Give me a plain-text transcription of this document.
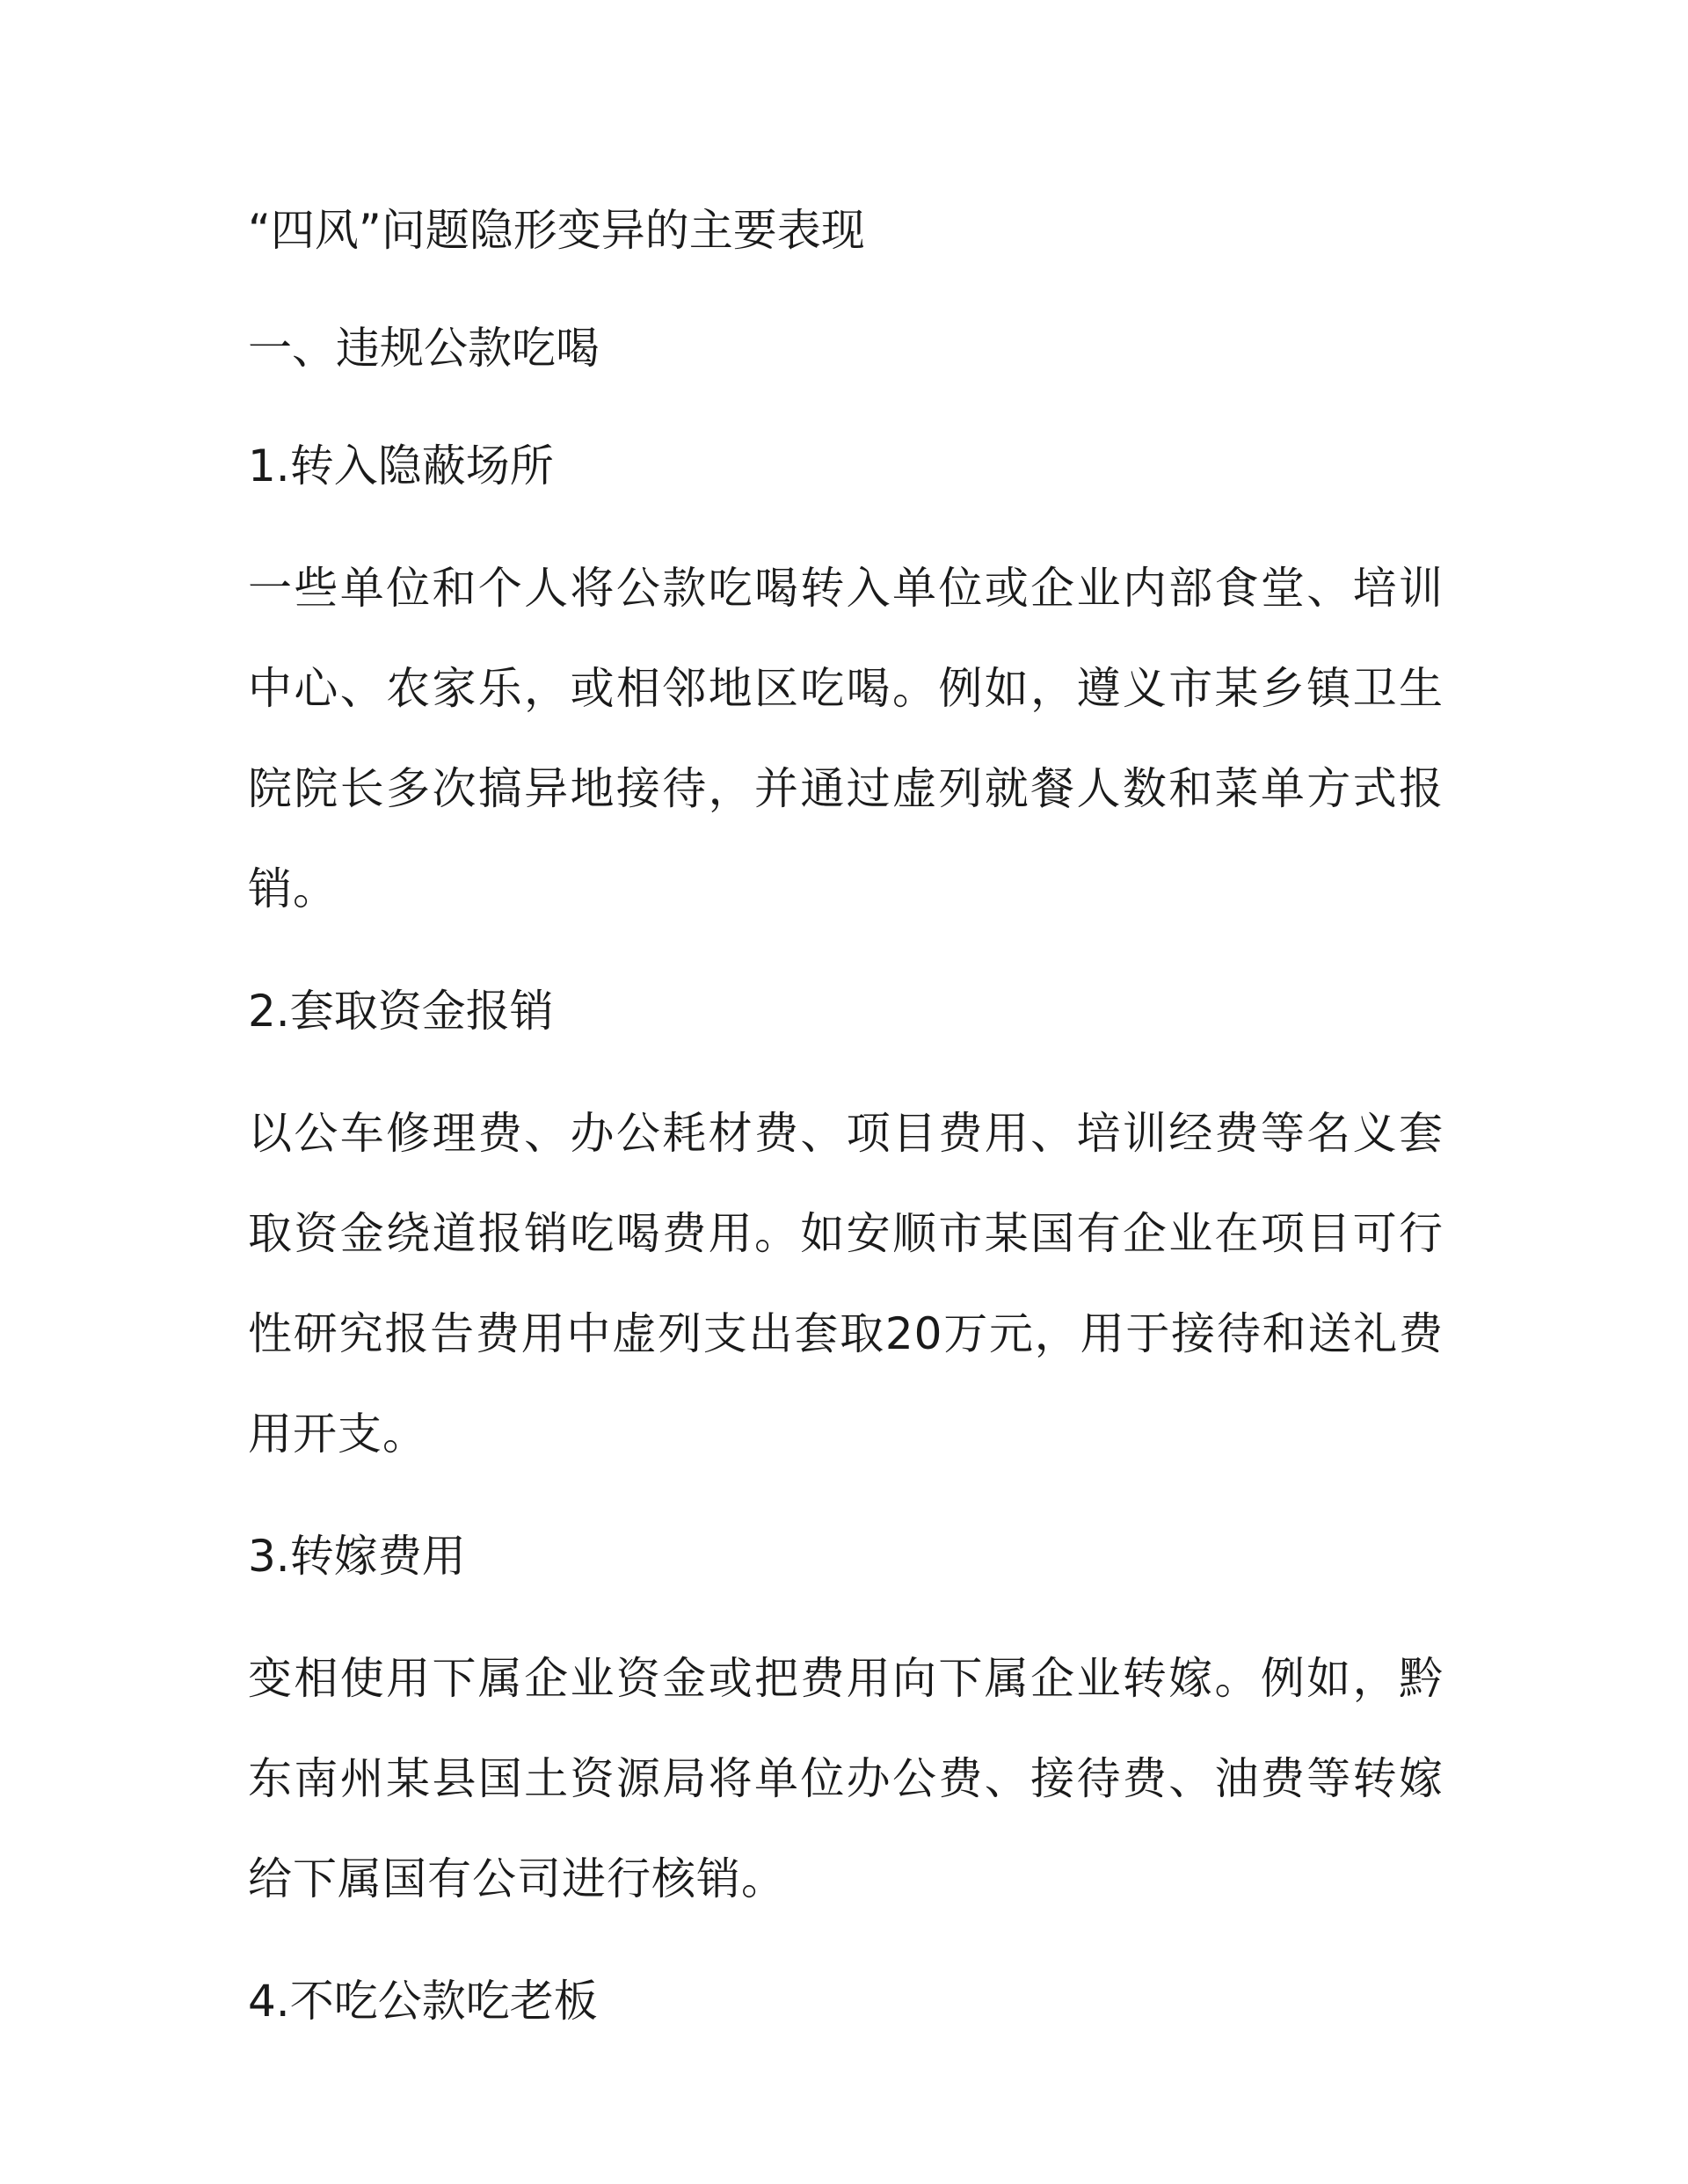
“四风”问题隐形变异的主要表现

一、违规公款吃喝

1.转入隐蔽场所

一些单位和个人将公款吃喝转入单位或企业内部食堂、培训中心、农家乐，或相邻地区吃喝。例如，遵义市某乡镇卫生院院长多次搞异地接待，并通过虚列就餐人数和菜单方式报销。

2.套取资金报销

以公车修理费、办公耗材费、项目费用、培训经费等名义套取资金绕道报销吃喝费用。如安顺市某国有企业在项目可行性研究报告费用中虚列支出套取20万元，用于接待和送礼费用开支。

3.转嫁费用

变相使用下属企业资金或把费用向下属企业转嫁。例如，黔东南州某县国土资源局将单位办公费、接待费、油费等转嫁给下属国有公司进行核销。

4.不吃公款吃老板
